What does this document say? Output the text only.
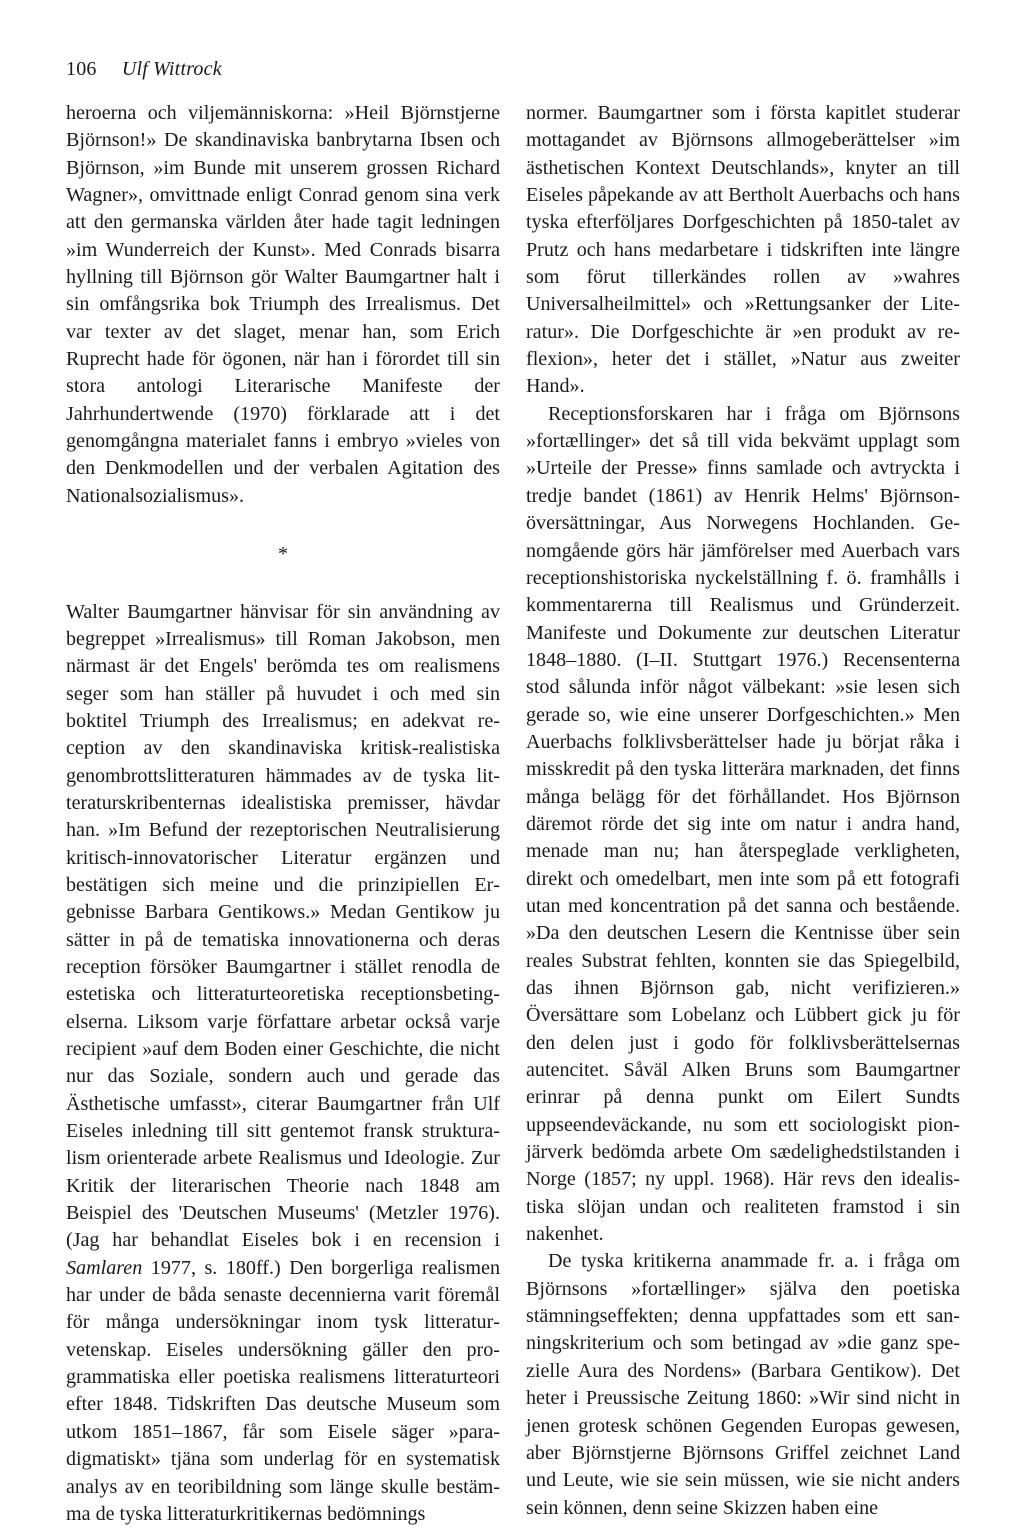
106 Ulf Wittrock

heroerna och viljemänniskorna: »Heil Björnstjerne Björnson!» De skandinaviska banbrytarna Ibsen och Björnson, »im Bunde mit unserem grossen Richard Wagner», omvittnade enligt Conrad genom sina verk att den germanska världen åter hade tagit ledningen »im Wunderreich der Kunst». Med Conrads bisarra hyllning till Björnson gör Walter Baumgartner halt i sin omfångsrika bok Triumph des Irrealismus. Det var texter av det slaget, menar han, som Erich Ruprecht hade för ögonen, när han i förordet till sin stora antologi Literarische Manifeste der Jahrhundertwende (1970) förklarade att i det genomgångna materialet fanns i embryo »vieles von den Denkmodellen und der verbalen Agitation des Nationalsozialismus».

*

Walter Baumgartner hänvisar för sin användning av begreppet »Irrealismus» till Roman Jakobson, men närmast är det Engels' berömda tes om realismens seger som han ställer på huvudet i och med sin boktitel Triumph des Irrealismus; en adekvat reception av den skandinaviska kritisk-realistiska genombrottslitteraturen hämmades av de tyska litteraturskribenternas idealistiska premisser, hävdar han. »Im Befund der rezeptorischen Neutralisierung kritisch-innovatorischer Literatur ergänzen und bestätigen sich meine und die prinzipiellen Ergebnisse Barbara Gentikows.» Medan Gentikow ju sätter in på de tematiska innovationerna och deras reception försöker Baumgartner i stället renodla de estetiska och litteraturteoretiska receptionsbetingelserna. Liksom varje författare arbetar också varje recipient »auf dem Boden einer Geschichte, die nicht nur das Soziale, sondern auch und gerade das Ästhetische umfasst», citerar Baumgartner från Ulf Eiseles inledning till sitt gentemot fransk strukturalism orienterade arbete Realismus und Ideologie. Zur Kritik der literarischen Theorie nach 1848 am Beispiel des 'Deutschen Museums' (Metzler 1976). (Jag har behandlat Eiseles bok i en recension i Samlaren 1977, s. 180ff.) Den borgerliga realismen har under de båda senaste decennierna varit föremål för många undersökningar inom tysk litteraturvetenskap. Eiseles undersökning gäller den programmatiska eller poetiska realismens litteraturteori efter 1848. Tidskriften Das deutsche Museum som utkom 1851–1867, får som Eisele säger »paradigmatiskt» tjäna som underlag för en systematisk analys av en teoribildning som länge skulle bestämma de tyska litteraturkritikernas bedömnings

normer. Baumgartner som i första kapitlet studerar mottagandet av Björnsons allmogeberättelser »im ästhetischen Kontext Deutschlands», knyter an till Eiseles påpekande av att Bertholt Auerbachs och hans tyska efterföljares Dorfgeschichten på 1850-talet av Prutz och hans medarbetare i tidskriften inte längre som förut tillerkändes rollen av »wahres Universalheilmittel» och »Rettungsanker der Literatur». Die Dorfgeschichte är »en produkt av reflexion», heter det i stället, »Natur aus zweiter Hand».

Receptionsforskaren har i fråga om Björnsons »fortællinger» det så till vida bekvämt upplagt som »Urteile der Presse» finns samlade och avtryckta i tredje bandet (1861) av Henrik Helms' Björnsonöversättningar, Aus Norwegens Hochlanden. Genomgående görs här jämförelser med Auerbach vars receptionshistoriska nyckelställning f. ö. framhålls i kommentarerna till Realismus und Gründerzeit. Manifeste und Dokumente zur deutschen Literatur 1848–1880. (I–II. Stuttgart 1976.) Recensenterna stod sålunda inför något välbekant: »sie lesen sich gerade so, wie eine unserer Dorfgeschichten.» Men Auerbachs folklivsberättelser hade ju börjat råka i misskredit på den tyska litterära marknaden, det finns många belägg för det förhållandet. Hos Björnson däremot rörde det sig inte om natur i andra hand, menade man nu; han återspeglade verkligheten, direkt och omedelbart, men inte som på ett fotografi utan med koncentration på det sanna och bestående. »Da den deutschen Lesern die Kentnisse über sein reales Substrat fehlten, konnten sie das Spiegelbild, das ihnen Björnson gab, nicht verifizieren.» Översättare som Lobelanz och Lübbert gick ju för den delen just i godo för folklivsberättelsernas autencitet. Såväl Alken Bruns som Baumgartner erinrar på denna punkt om Eilert Sundts uppseendeväckande, nu som ett sociologiskt pionjärverk bedömda arbete Om sædelighedstilstanden i Norge (1857; ny uppl. 1968). Här revs den idealistiska slöjan undan och realiteten framstod i sin nakenhet.

De tyska kritikerna anammade fr. a. i fråga om Björnsons »fortællinger» själva den poetiska stämningseffekten; denna uppfattades som ett sanningskriterium och som betingad av »die ganz spezielle Aura des Nordens» (Barbara Gentikow). Det heter i Preussische Zeitung 1860: »Wir sind nicht in jenen grotesk schönen Gegenden Europas gewesen, aber Björnstjerne Björnsons Griffel zeichnet Land und Leute, wie sie sein müssen, wie sie nicht anders sein können, denn seine Skizzen haben eine
